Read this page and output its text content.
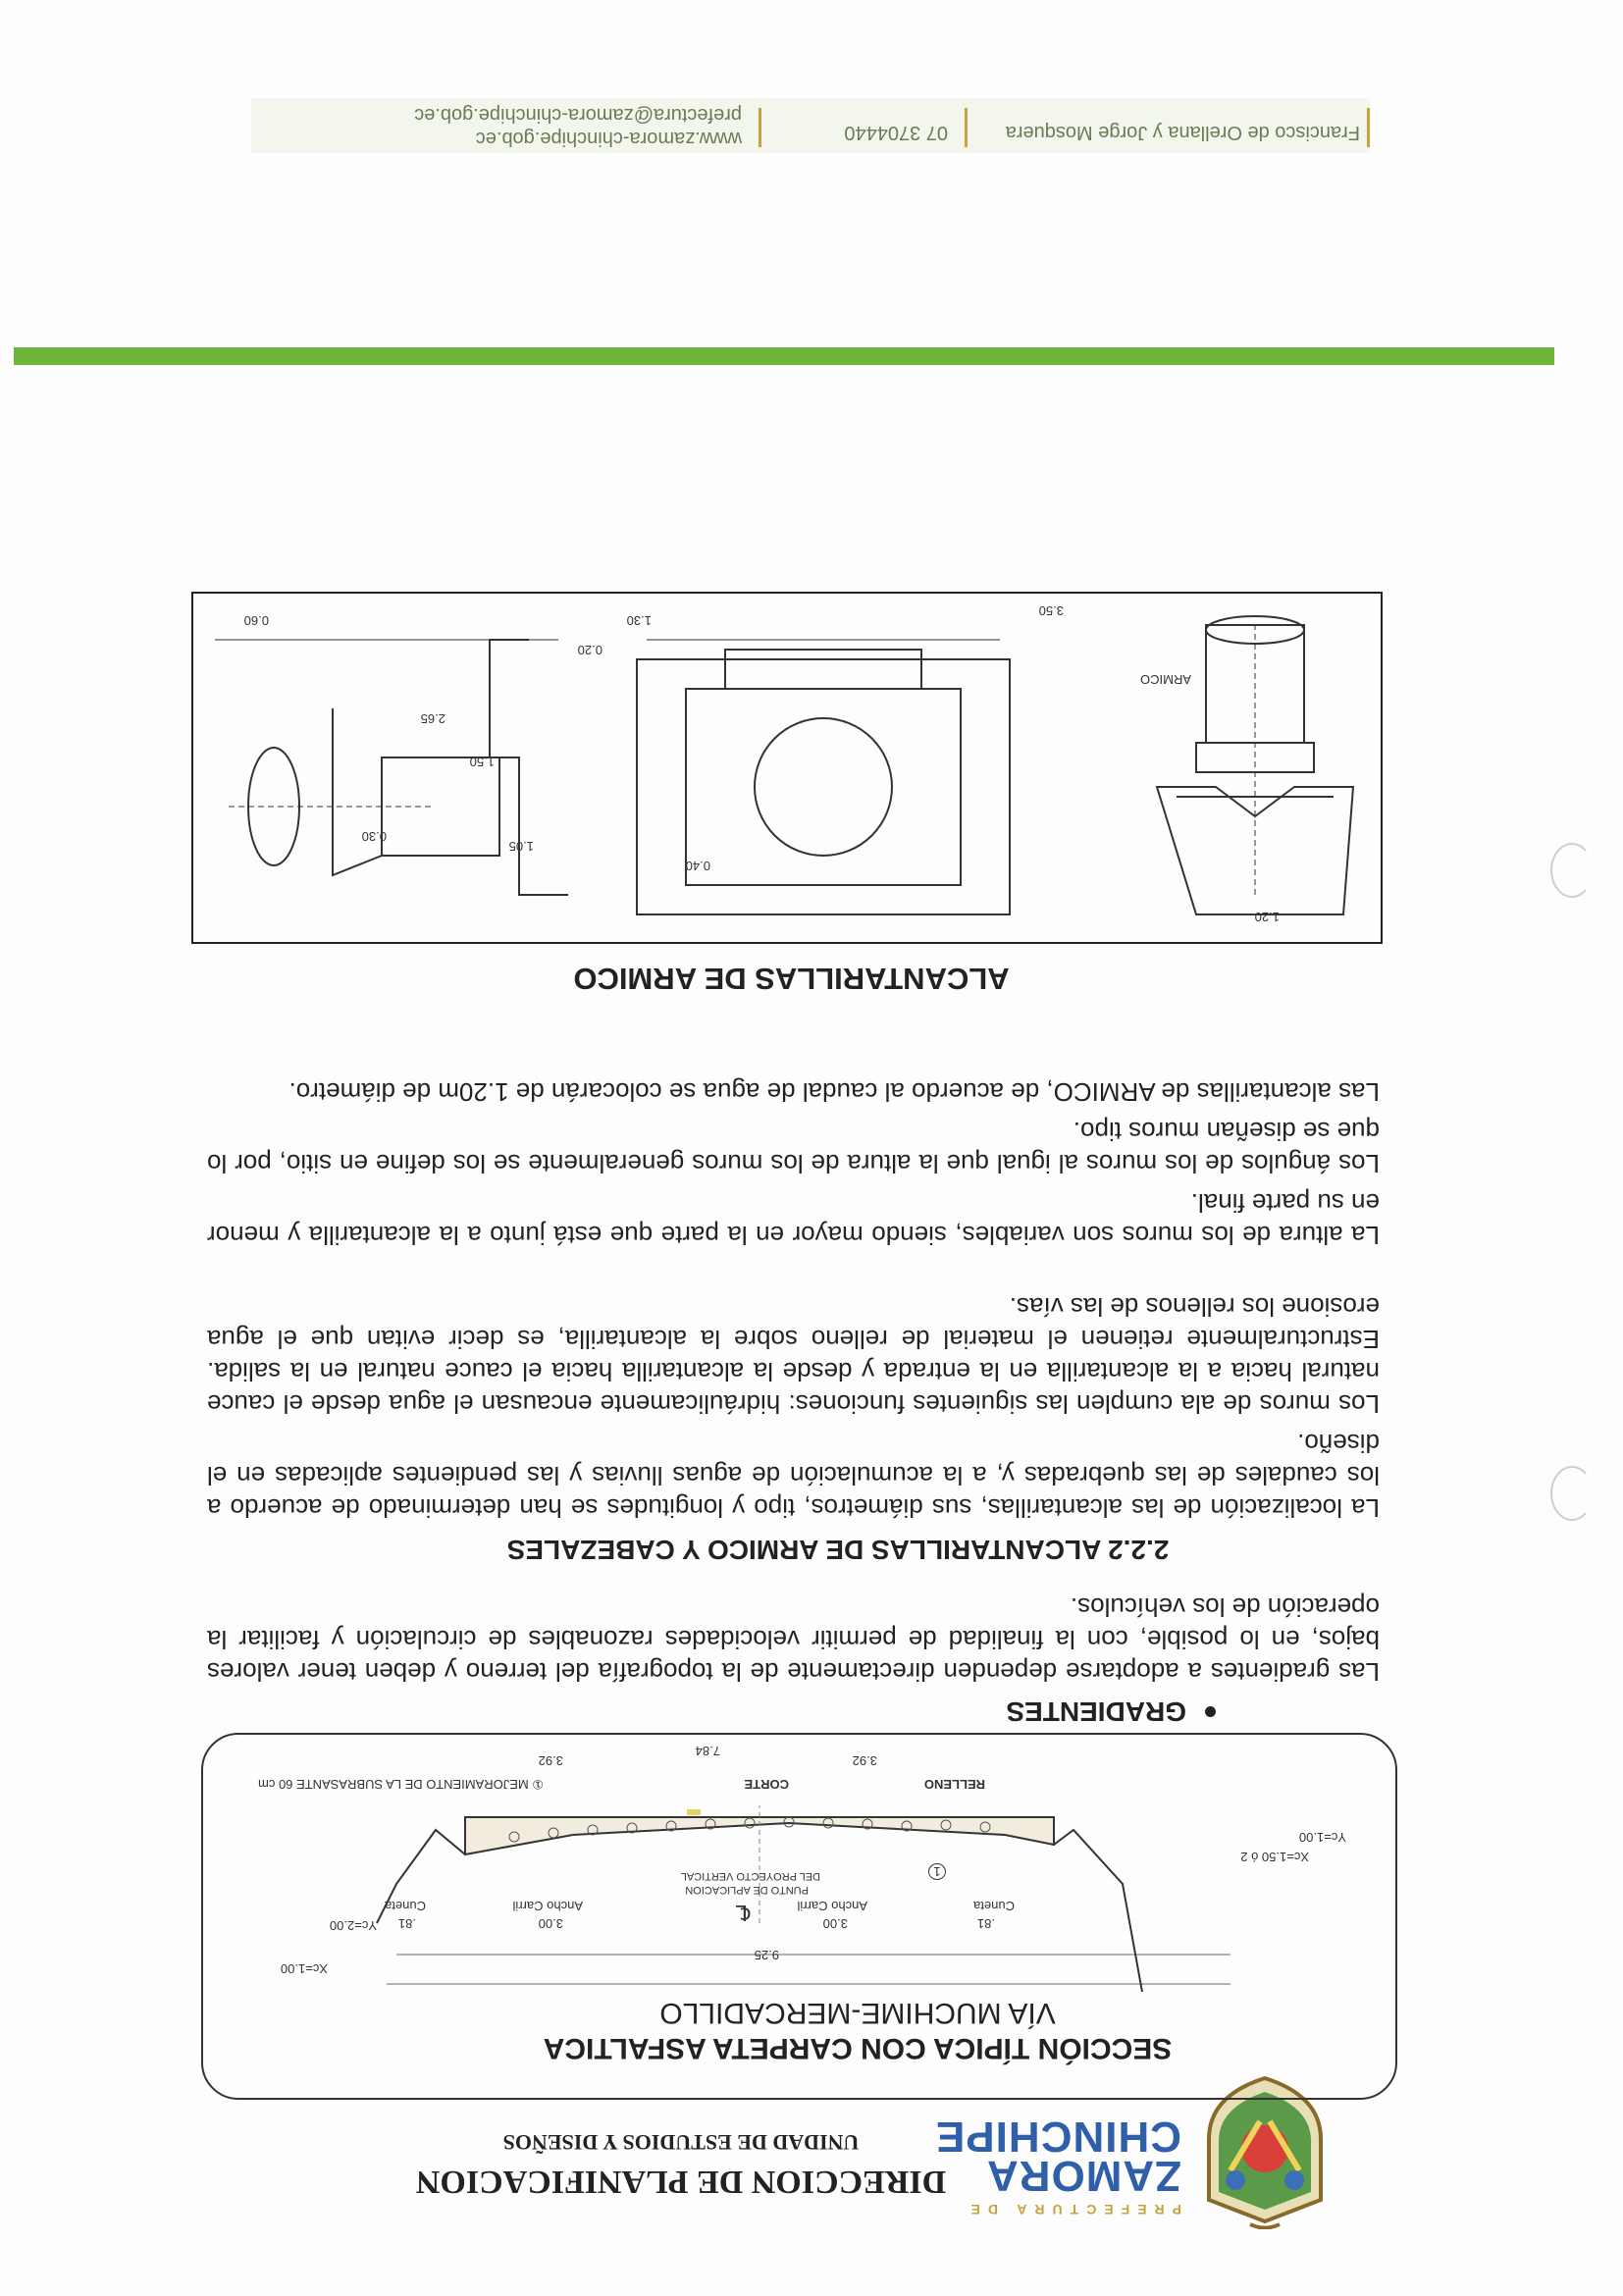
PREFECTURA DE
ZAMORA
CHINCHIPE
DIRECCION DE PLANIFICACION
UNIDAD DE ESTUDIOS Y DISEÑOS
SECCIÓN TÍPICA CON CARPETA ASFALTICA
VÍA MUCHIME-MERCADILLO
Xc=1.00
Yc=2.00
9.25
.81
Cuneta
3.00
Ancho Carril	℄	3.00
Ancho Carril
.81
Cuneta
PUNTO DE APLICACION
DEL PROYECTO VERTICAL	1
Xc=1.50 ó 2
Yc=1.00
CORTE	RELLENO
3.92
7.84
3.92
① MEJORAMIENTO DE LA SUBRASANTE 60 cm
GRADIENTES
Las gradientes a adoptarse dependen directamente de la topografía del terreno y deben tener valores bajos, en lo posible, con la finalidad de permitir velocidades razonables de circulación y facilitar la operación de los vehículos.
2.2.2 ALCANTARILLAS DE ARMICO Y CABEZALES
La localización de las alcantarillas, sus diámetros, tipo y longitudes se han determinado de acuerdo a los caudales de las quebradas y, a la acumulación de aguas lluvias y las pendientes aplicadas en el diseño.
Los muros de ala cumplen las siguientes funciones: hidráulicamente encausan el agua desde el cauce natural hacia a la alcantarilla en la entrada y desde la alcantarilla hacia el cauce natural en la salida. Estructuralmente retienen el material de relleno sobre la alcantarilla, es decir evitan que el agua erosione los rellenos de las vías.
La altura de los muros son variables, siendo mayor en la parte que está junto a la alcantarilla y menor en su parte final.
Los ángulos de los muros al igual que la altura de los muros generalmente se los define en sitio, por lo que se diseñan muros tipo.
Las alcantarillas de ARMICO, de acuerdo al caudal de agua se colocarán de 1.20m de diámetro.
ALCANTARILLAS DE ARMICO
1.20
3.50
1.30
0.20
1.50
0.40
1.05
0.30
2.65
0.60
ARMICO
Francisco de Orellana y Jorge Mosquera
07 3704440
www.zamora-chinchipe.gob.ec
prefectura@zamora-chinchipe.gob.ec
